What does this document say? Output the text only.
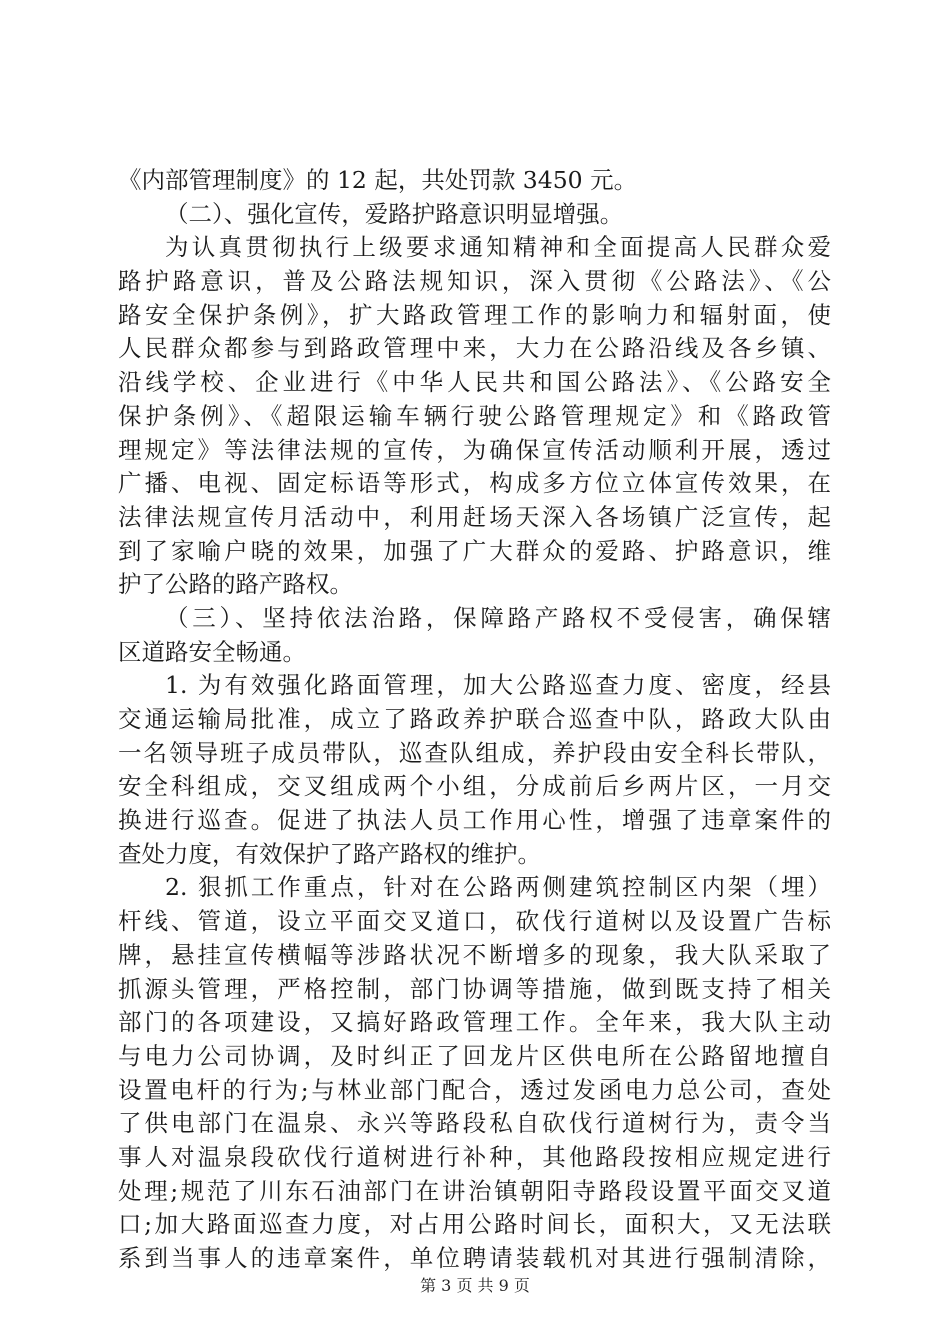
《内部管理制度》的 12 起，共处罚款 3450 元。
（二）、强化宣传，爱路护路意识明显增强。
为认真贯彻执行上级要求通知精神和全面提高人民群众爱
路护路意识，普及公路法规知识，深入贯彻《公路法》、《公
路安全保护条例》，扩大路政管理工作的影响力和辐射面，使
人民群众都参与到路政管理中来，大力在公路沿线及各乡镇、
沿线学校、企业进行《中华人民共和国公路法》、《公路安全
保护条例》、《超限运输车辆行驶公路管理规定》和《路政管
理规定》等法律法规的宣传，为确保宣传活动顺利开展，透过
广播、电视、固定标语等形式，构成多方位立体宣传效果，在
法律法规宣传月活动中，利用赶场天深入各场镇广泛宣传，起
到了家喻户晓的效果，加强了广大群众的爱路、护路意识，维
护了公路的路产路权。
（三）、坚持依法治路，保障路产路权不受侵害，确保辖
区道路安全畅通。
1. 为有效强化路面管理，加大公路巡查力度、密度，经县
交通运输局批准，成立了路政养护联合巡查中队，路政大队由
一名领导班子成员带队，巡查队组成，养护段由安全科长带队，
安全科组成，交叉组成两个小组，分成前后乡两片区，一月交
换进行巡查。促进了执法人员工作用心性，增强了违章案件的
查处力度，有效保护了路产路权的维护。
2. 狠抓工作重点，针对在公路两侧建筑控制区内架（埋）
杆线、管道，设立平面交叉道口，砍伐行道树以及设置广告标
牌，悬挂宣传横幅等涉路状况不断增多的现象，我大队采取了
抓源头管理，严格控制，部门协调等措施，做到既支持了相关
部门的各项建设，又搞好路政管理工作。全年来，我大队主动
与电力公司协调，及时纠正了回龙片区供电所在公路留地擅自
设置电杆的行为;与林业部门配合，透过发函电力总公司，查处
了供电部门在温泉、永兴等路段私自砍伐行道树行为，责令当
事人对温泉段砍伐行道树进行补种，其他路段按相应规定进行
处理;规范了川东石油部门在讲治镇朝阳寺路段设置平面交叉道
口;加大路面巡查力度，对占用公路时间长，面积大，又无法联
系到当事人的违章案件，单位聘请装载机对其进行强制清除，
第 3 页 共 9 页
